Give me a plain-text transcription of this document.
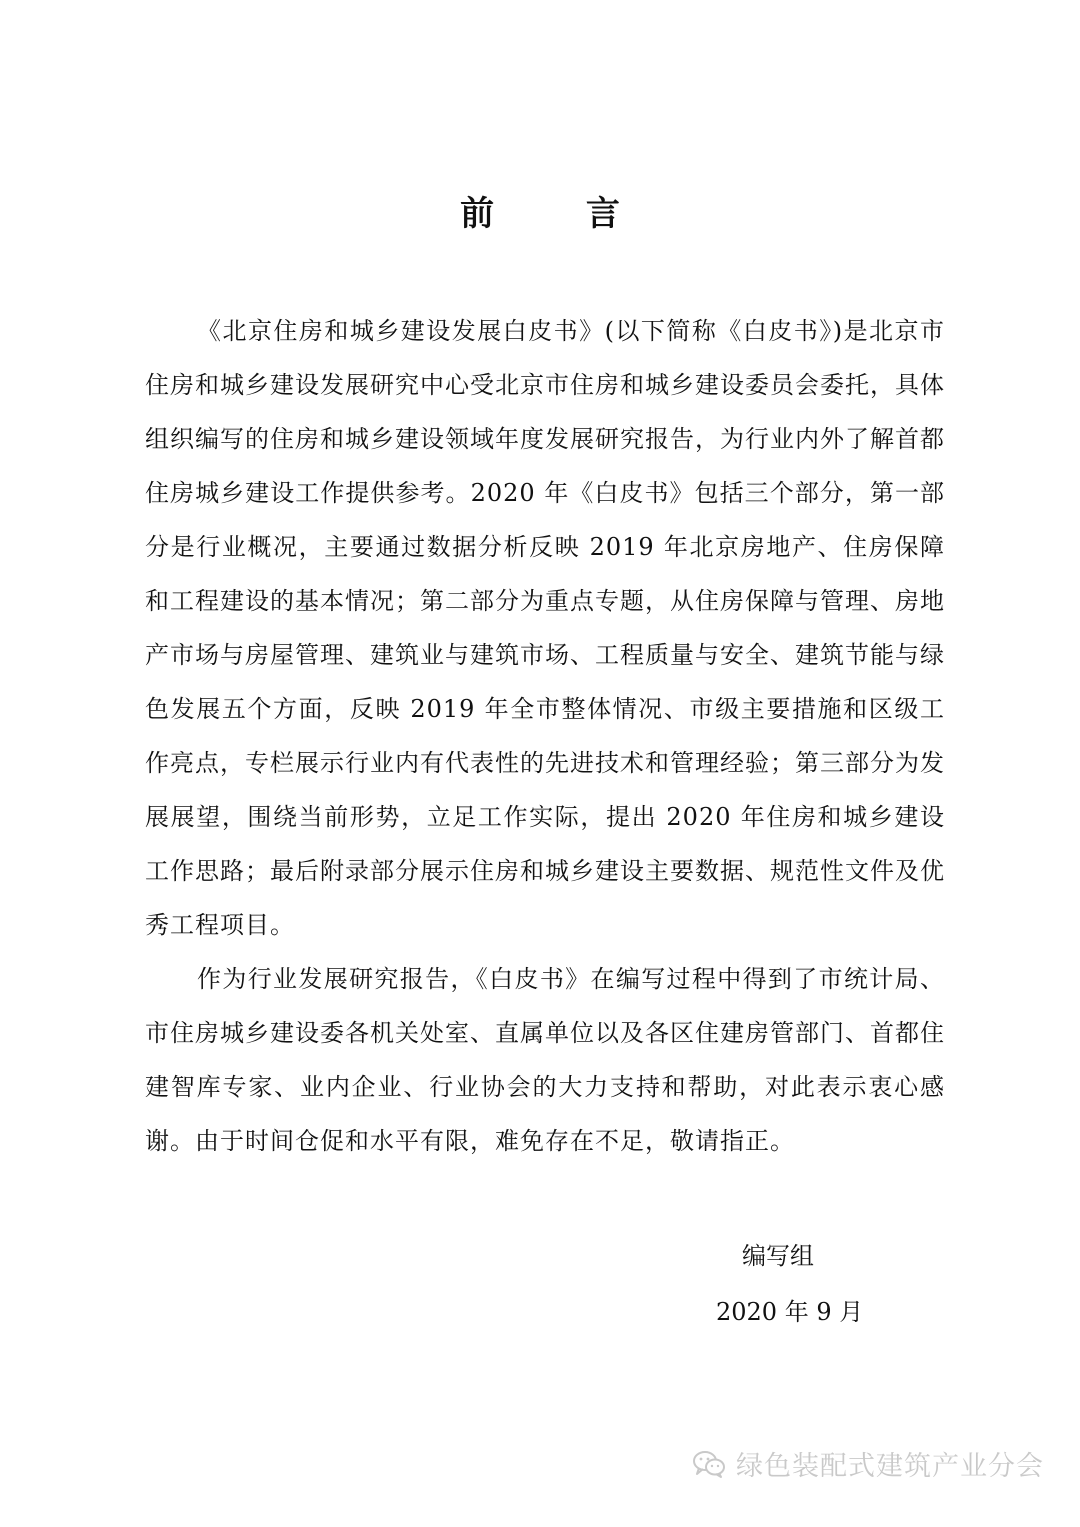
前 言

《北京住房和城乡建设发展白皮书》(以下简称《白皮书》)是北京市住房和城乡建设发展研究中心受北京市住房和城乡建设委员会委托，具体组织编写的住房和城乡建设领域年度发展研究报告，为行业内外了解首都住房城乡建设工作提供参考。2020 年《白皮书》包括三个部分，第一部分是行业概况，主要通过数据分析反映 2019 年北京房地产、住房保障和工程建设的基本情况；第二部分为重点专题，从住房保障与管理、房地产市场与房屋管理、建筑业与建筑市场、工程质量与安全、建筑节能与绿色发展五个方面，反映 2019 年全市整体情况、市级主要措施和区级工作亮点，专栏展示行业内有代表性的先进技术和管理经验；第三部分为发展展望，围绕当前形势，立足工作实际，提出 2020 年住房和城乡建设工作思路；最后附录部分展示住房和城乡建设主要数据、规范性文件及优秀工程项目。

作为行业发展研究报告，《白皮书》在编写过程中得到了市统计局、市住房城乡建设委各机关处室、直属单位以及各区住建房管部门、首都住建智库专家、业内企业、行业协会的大力支持和帮助，对此表示衷心感谢。由于时间仓促和水平有限，难免存在不足，敬请指正。

编写组
2020 年 9 月
绿色装配式建筑产业分会
